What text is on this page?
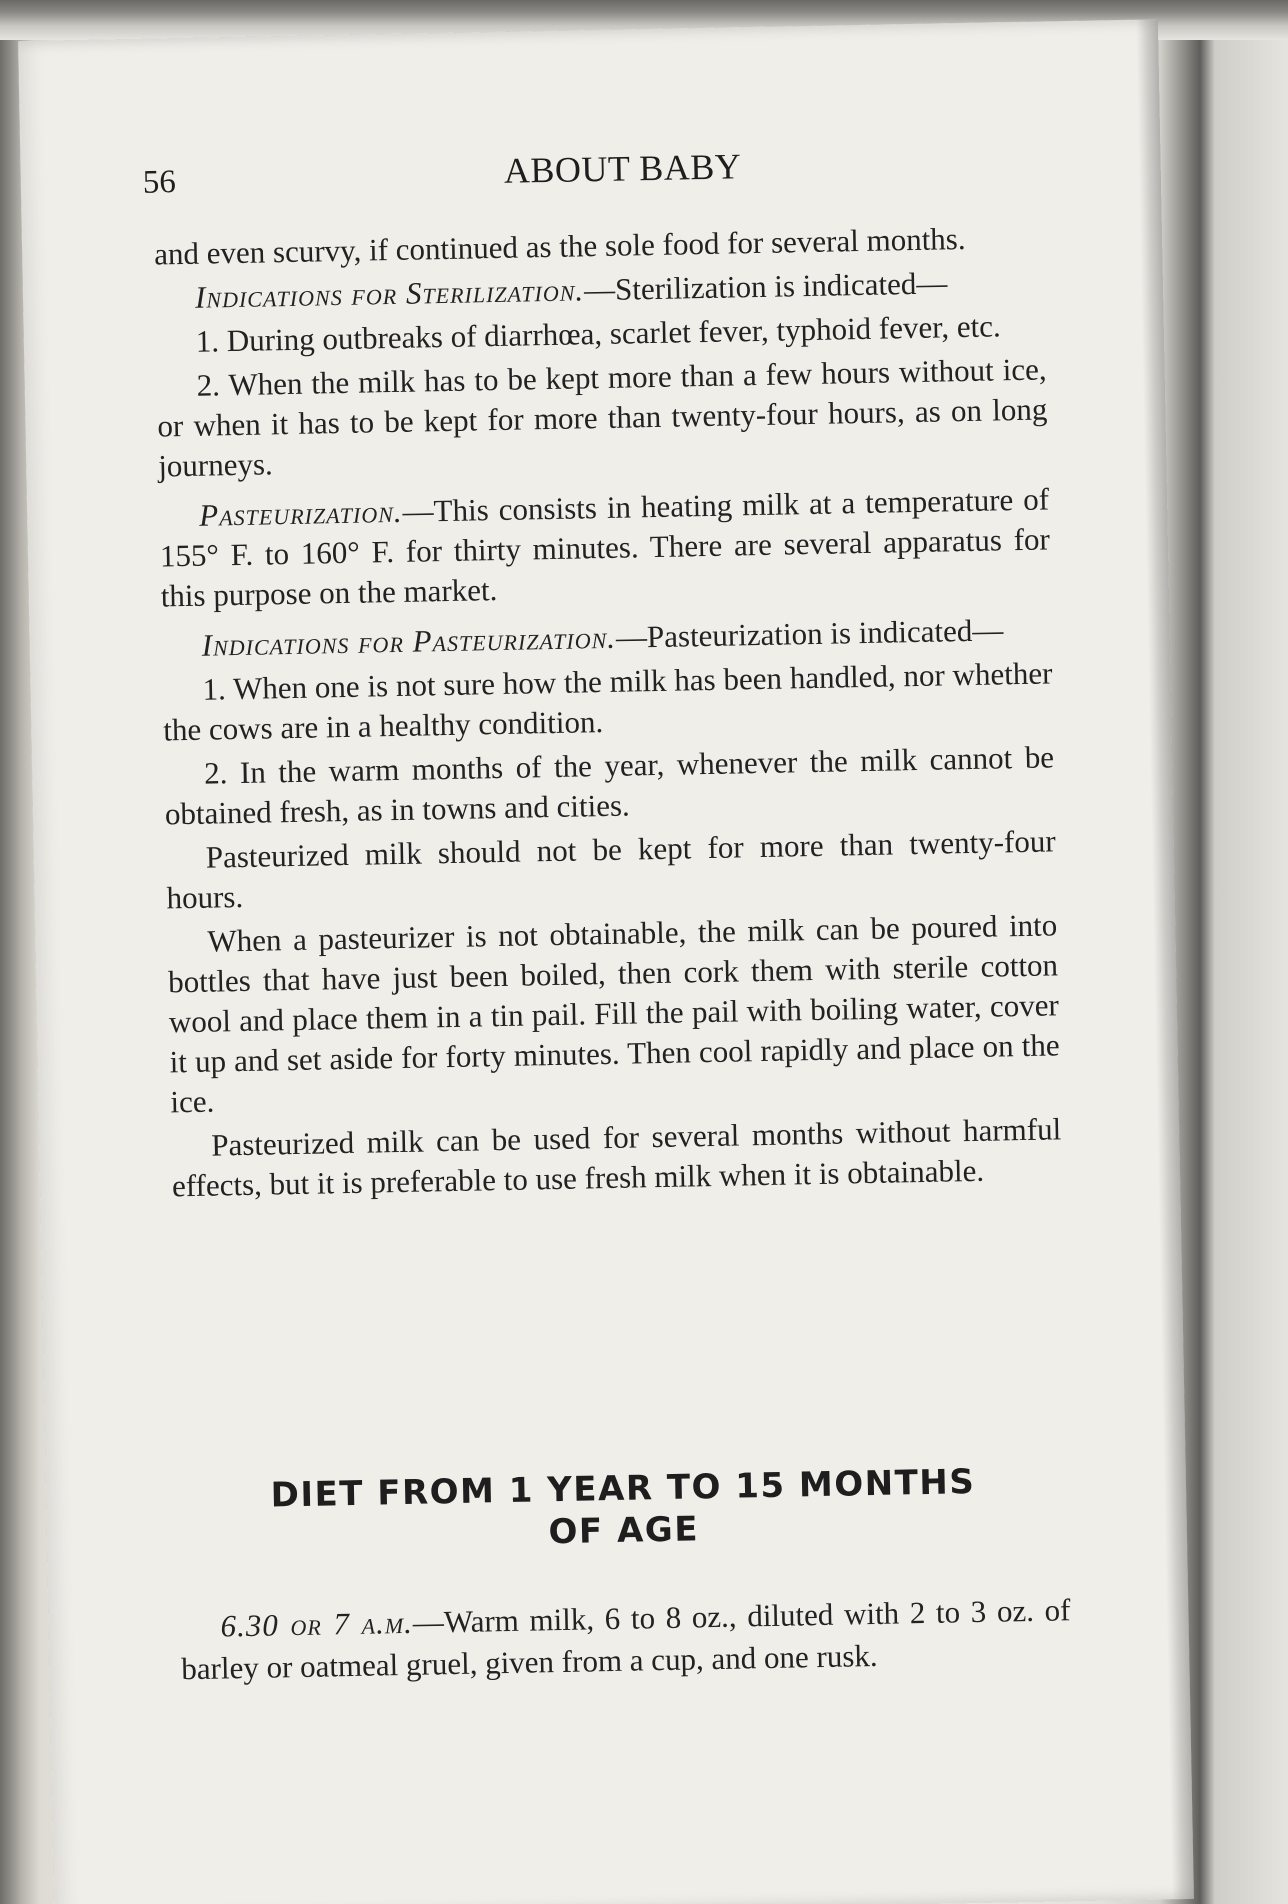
56	ABOUT BABY

and even scurvy, if continued as the sole food for several months.

Indications for Sterilization.—Sterilization is indicated—

1. During outbreaks of diarrhœa, scarlet fever, typhoid fever, etc.

2. When the milk has to be kept more than a few hours without ice, or when it has to be kept for more than twenty-four hours, as on long journeys.

Pasteurization.—This consists in heating milk at a temperature of 155° F. to 160° F. for thirty minutes. There are several apparatus for this purpose on the market.

Indications for Pasteurization.—Pasteurization is indicated—

1. When one is not sure how the milk has been handled, nor whether the cows are in a healthy condition.

2. In the warm months of the year, whenever the milk cannot be obtained fresh, as in towns and cities.

Pasteurized milk should not be kept for more than twenty-four hours.

When a pasteurizer is not obtainable, the milk can be poured into bottles that have just been boiled, then cork them with sterile cotton wool and place them in a tin pail. Fill the pail with boiling water, cover it up and set aside for forty minutes. Then cool rapidly and place on the ice.

Pasteurized milk can be used for several months without harmful effects, but it is preferable to use fresh milk when it is obtainable.

DIET FROM 1 YEAR TO 15 MONTHS
OF AGE
6.30 or 7 a.m.—Warm milk, 6 to 8 oz., diluted with 2 to 3 oz. of barley or oatmeal gruel, given from a cup, and one rusk.
